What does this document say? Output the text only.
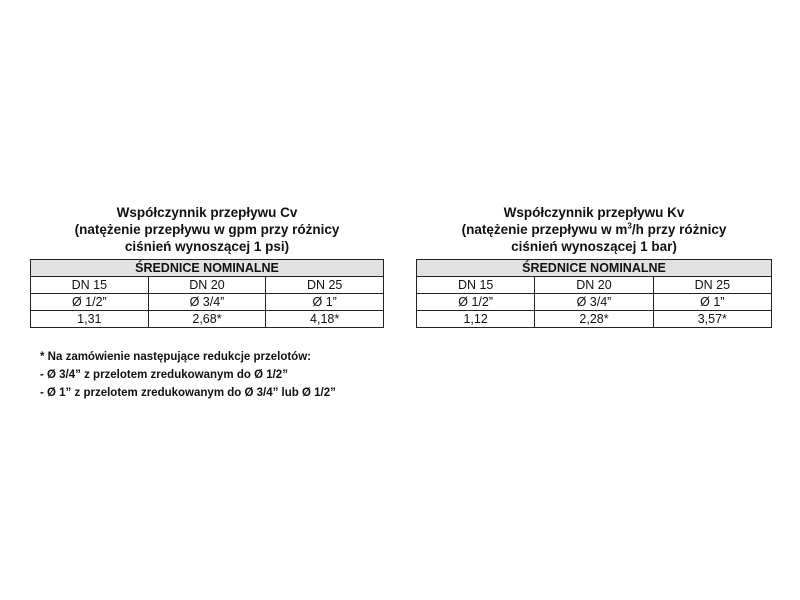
Współczynnik przepływu Cv
(natężenie przepływu w gpm przy różnicy
ciśnień wynoszącej 1 psi)
ŚREDNICE NOMINALNE		
DN 15	DN 20	DN 25
Ø 1/2”	Ø 3/4”	Ø 1”
1,31	2,68*	4,18*
Współczynnik przepływu Kv
(natężenie przepływu w $m^3/h$ przy różnicy
ciśnień wynoszącej 1 bar)
ŚREDNICE NOMINALNE		
DN 15	DN 20	DN 25
Ø 1/2”	Ø 3/4”	Ø 1”
1,12	2,28*	3,57*
* Na zamówienie następujące redukcje przelotów:
- Ø 3/4” z przelotem zredukowanym do Ø 1/2”
- Ø 1” z przelotem zredukowanym do Ø 3/4” lub Ø 1/2”
